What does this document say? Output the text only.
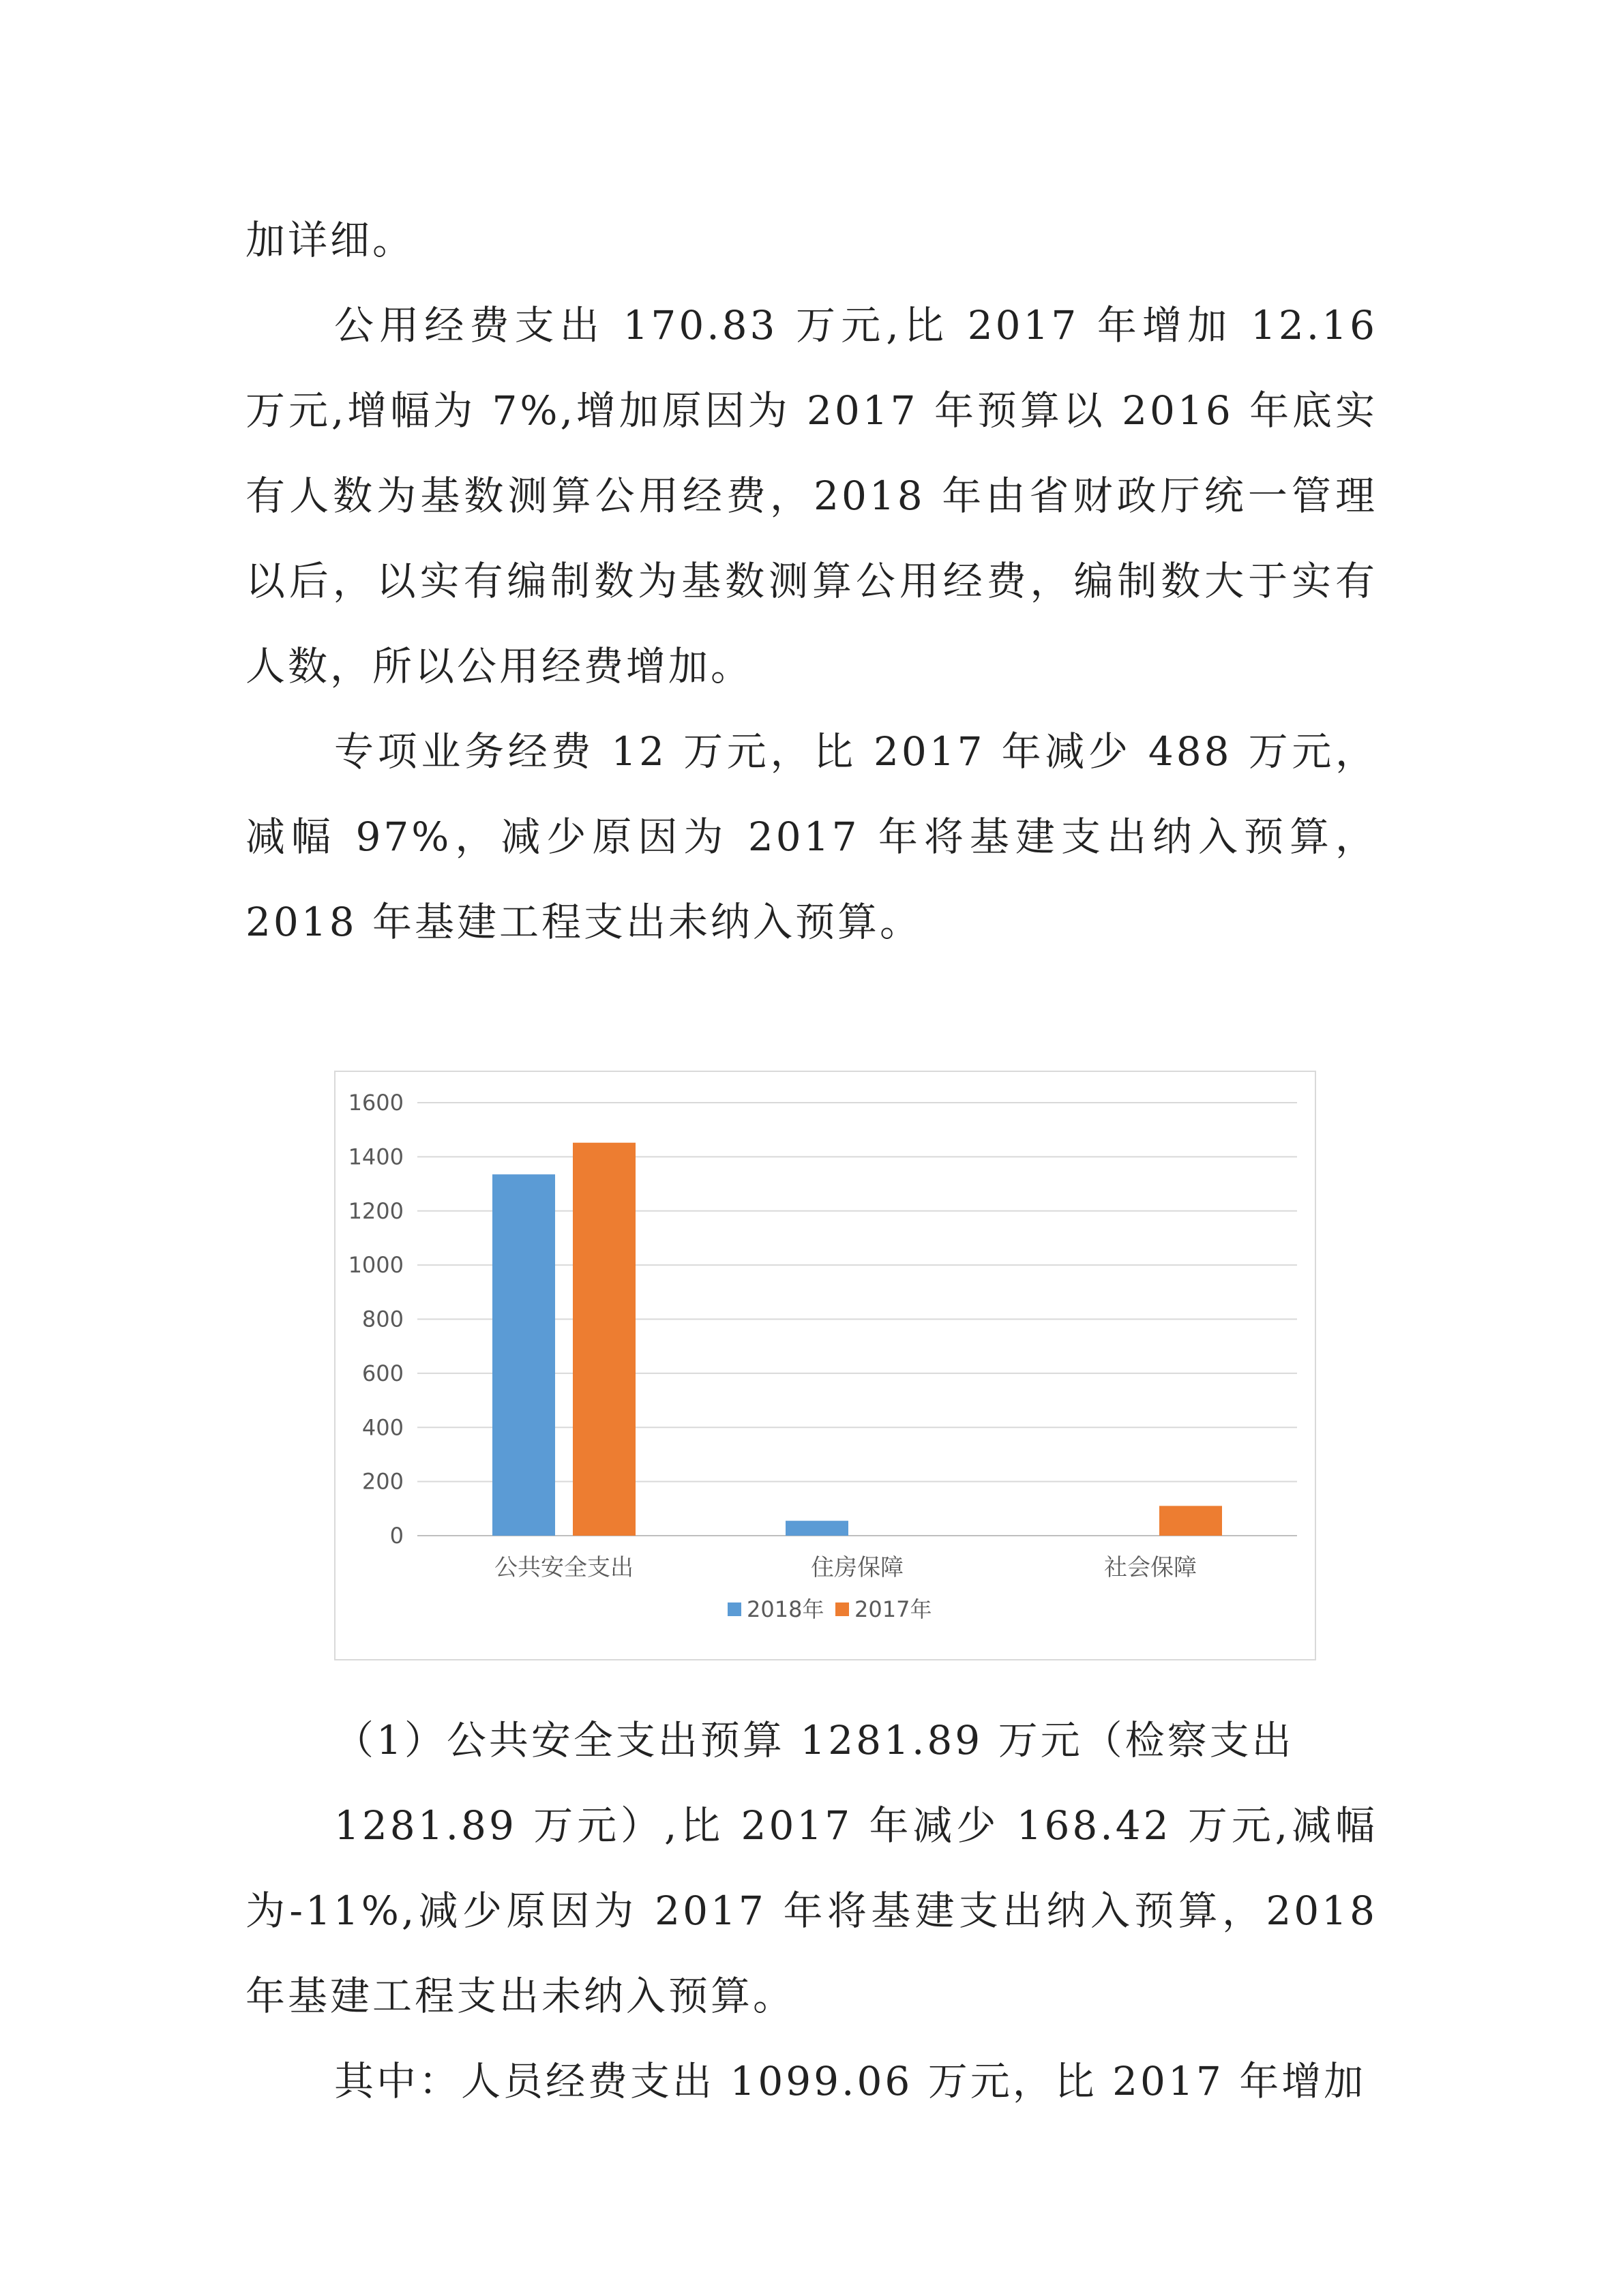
加详细。

公用经费支出 170.83 万元,比 2017 年增加 12.16 万元,增幅为 7%,增加原因为 2017 年预算以 2016 年底实有人数为基数测算公用经费，2018 年由省财政厅统一管理以后，以实有编制数为基数测算公用经费，编制数大于实有人数，所以公用经费增加。

专项业务经费 12 万元，比 2017 年减少 488 万元，减幅 97%，减少原因为 2017 年将基建支出纳入预算，2018 年基建工程支出未纳入预算。

0
200
400
600
800
1000
1200
1400
1600
公共安全支出	住房保障	社会保障
2018年 2017年

（1）公共安全支出预算 1281.89 万元（检察支出

1281.89 万元）,比 2017 年减少 168.42 万元,减幅为-11%,减少原因为 2017 年将基建支出纳入预算，2018 年基建工程支出未纳入预算。

其中：人员经费支出 1099.06 万元，比 2017 年增加
